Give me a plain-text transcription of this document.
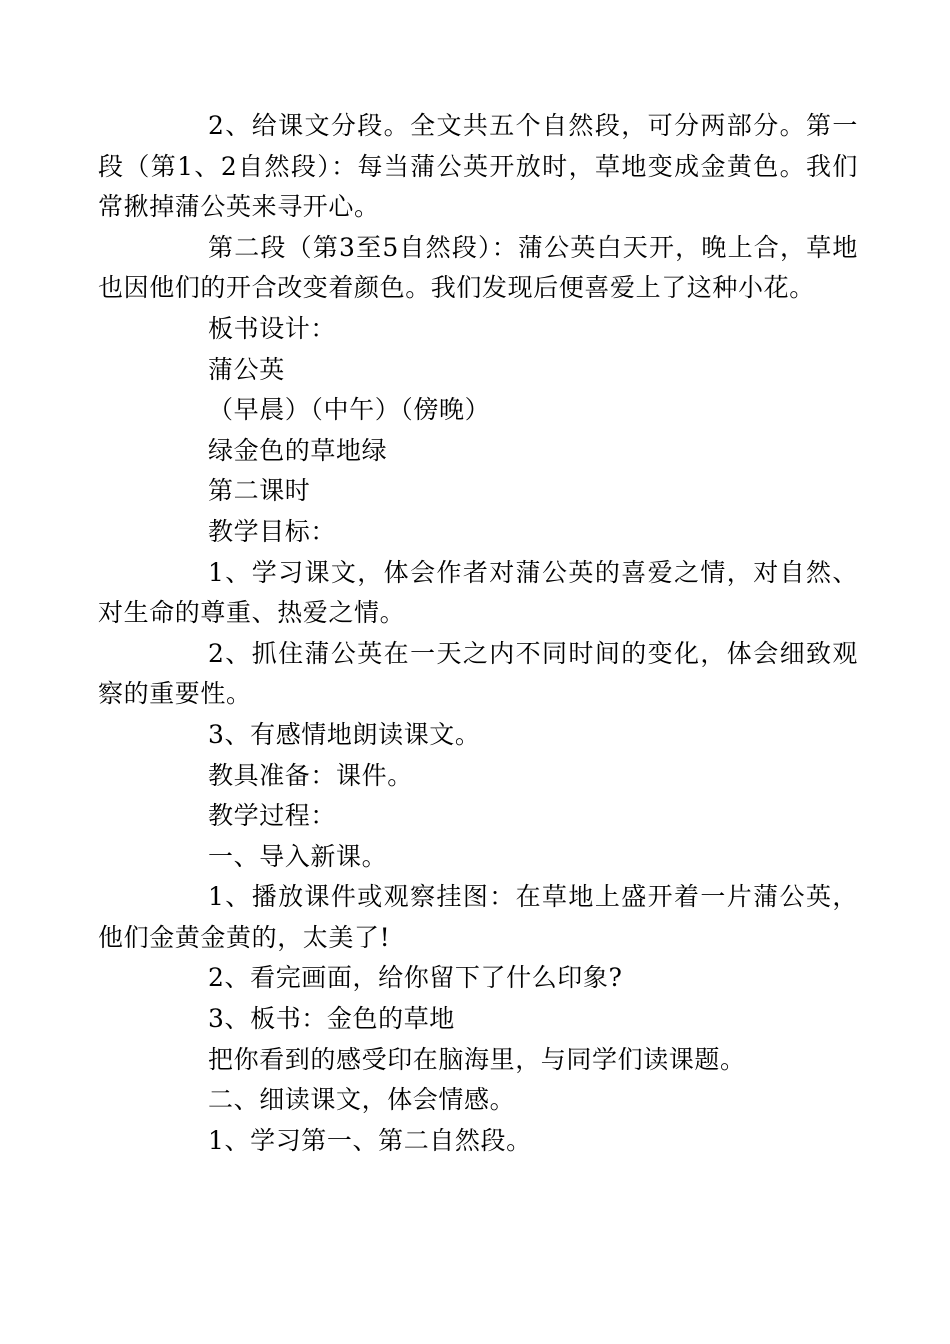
2、给课文分段。全文共五个自然段，可分两部分。第一段（第1、2自然段）：每当蒲公英开放时，草地变成金黄色。我们常揪掉蒲公英来寻开心。

第二段（第3至5自然段）：蒲公英白天开，晚上合，草地也因他们的开合改变着颜色。我们发现后便喜爱上了这种小花。

板书设计：

蒲公英

（早晨）（中午）（傍晚）

绿金色的草地绿

第二课时

教学目标：

1、学习课文，体会作者对蒲公英的喜爱之情，对自然、对生命的尊重、热爱之情。

2、抓住蒲公英在一天之内不同时间的变化，体会细致观察的重要性。

3、有感情地朗读课文。

教具准备：课件。

教学过程：

一、导入新课。

1、播放课件或观察挂图：在草地上盛开着一片蒲公英，他们金黄金黄的，太美了!

2、看完画面，给你留下了什么印象?

3、板书：金色的草地

把你看到的感受印在脑海里，与同学们读课题。

二、细读课文，体会情感。

1、学习第一、第二自然段。
